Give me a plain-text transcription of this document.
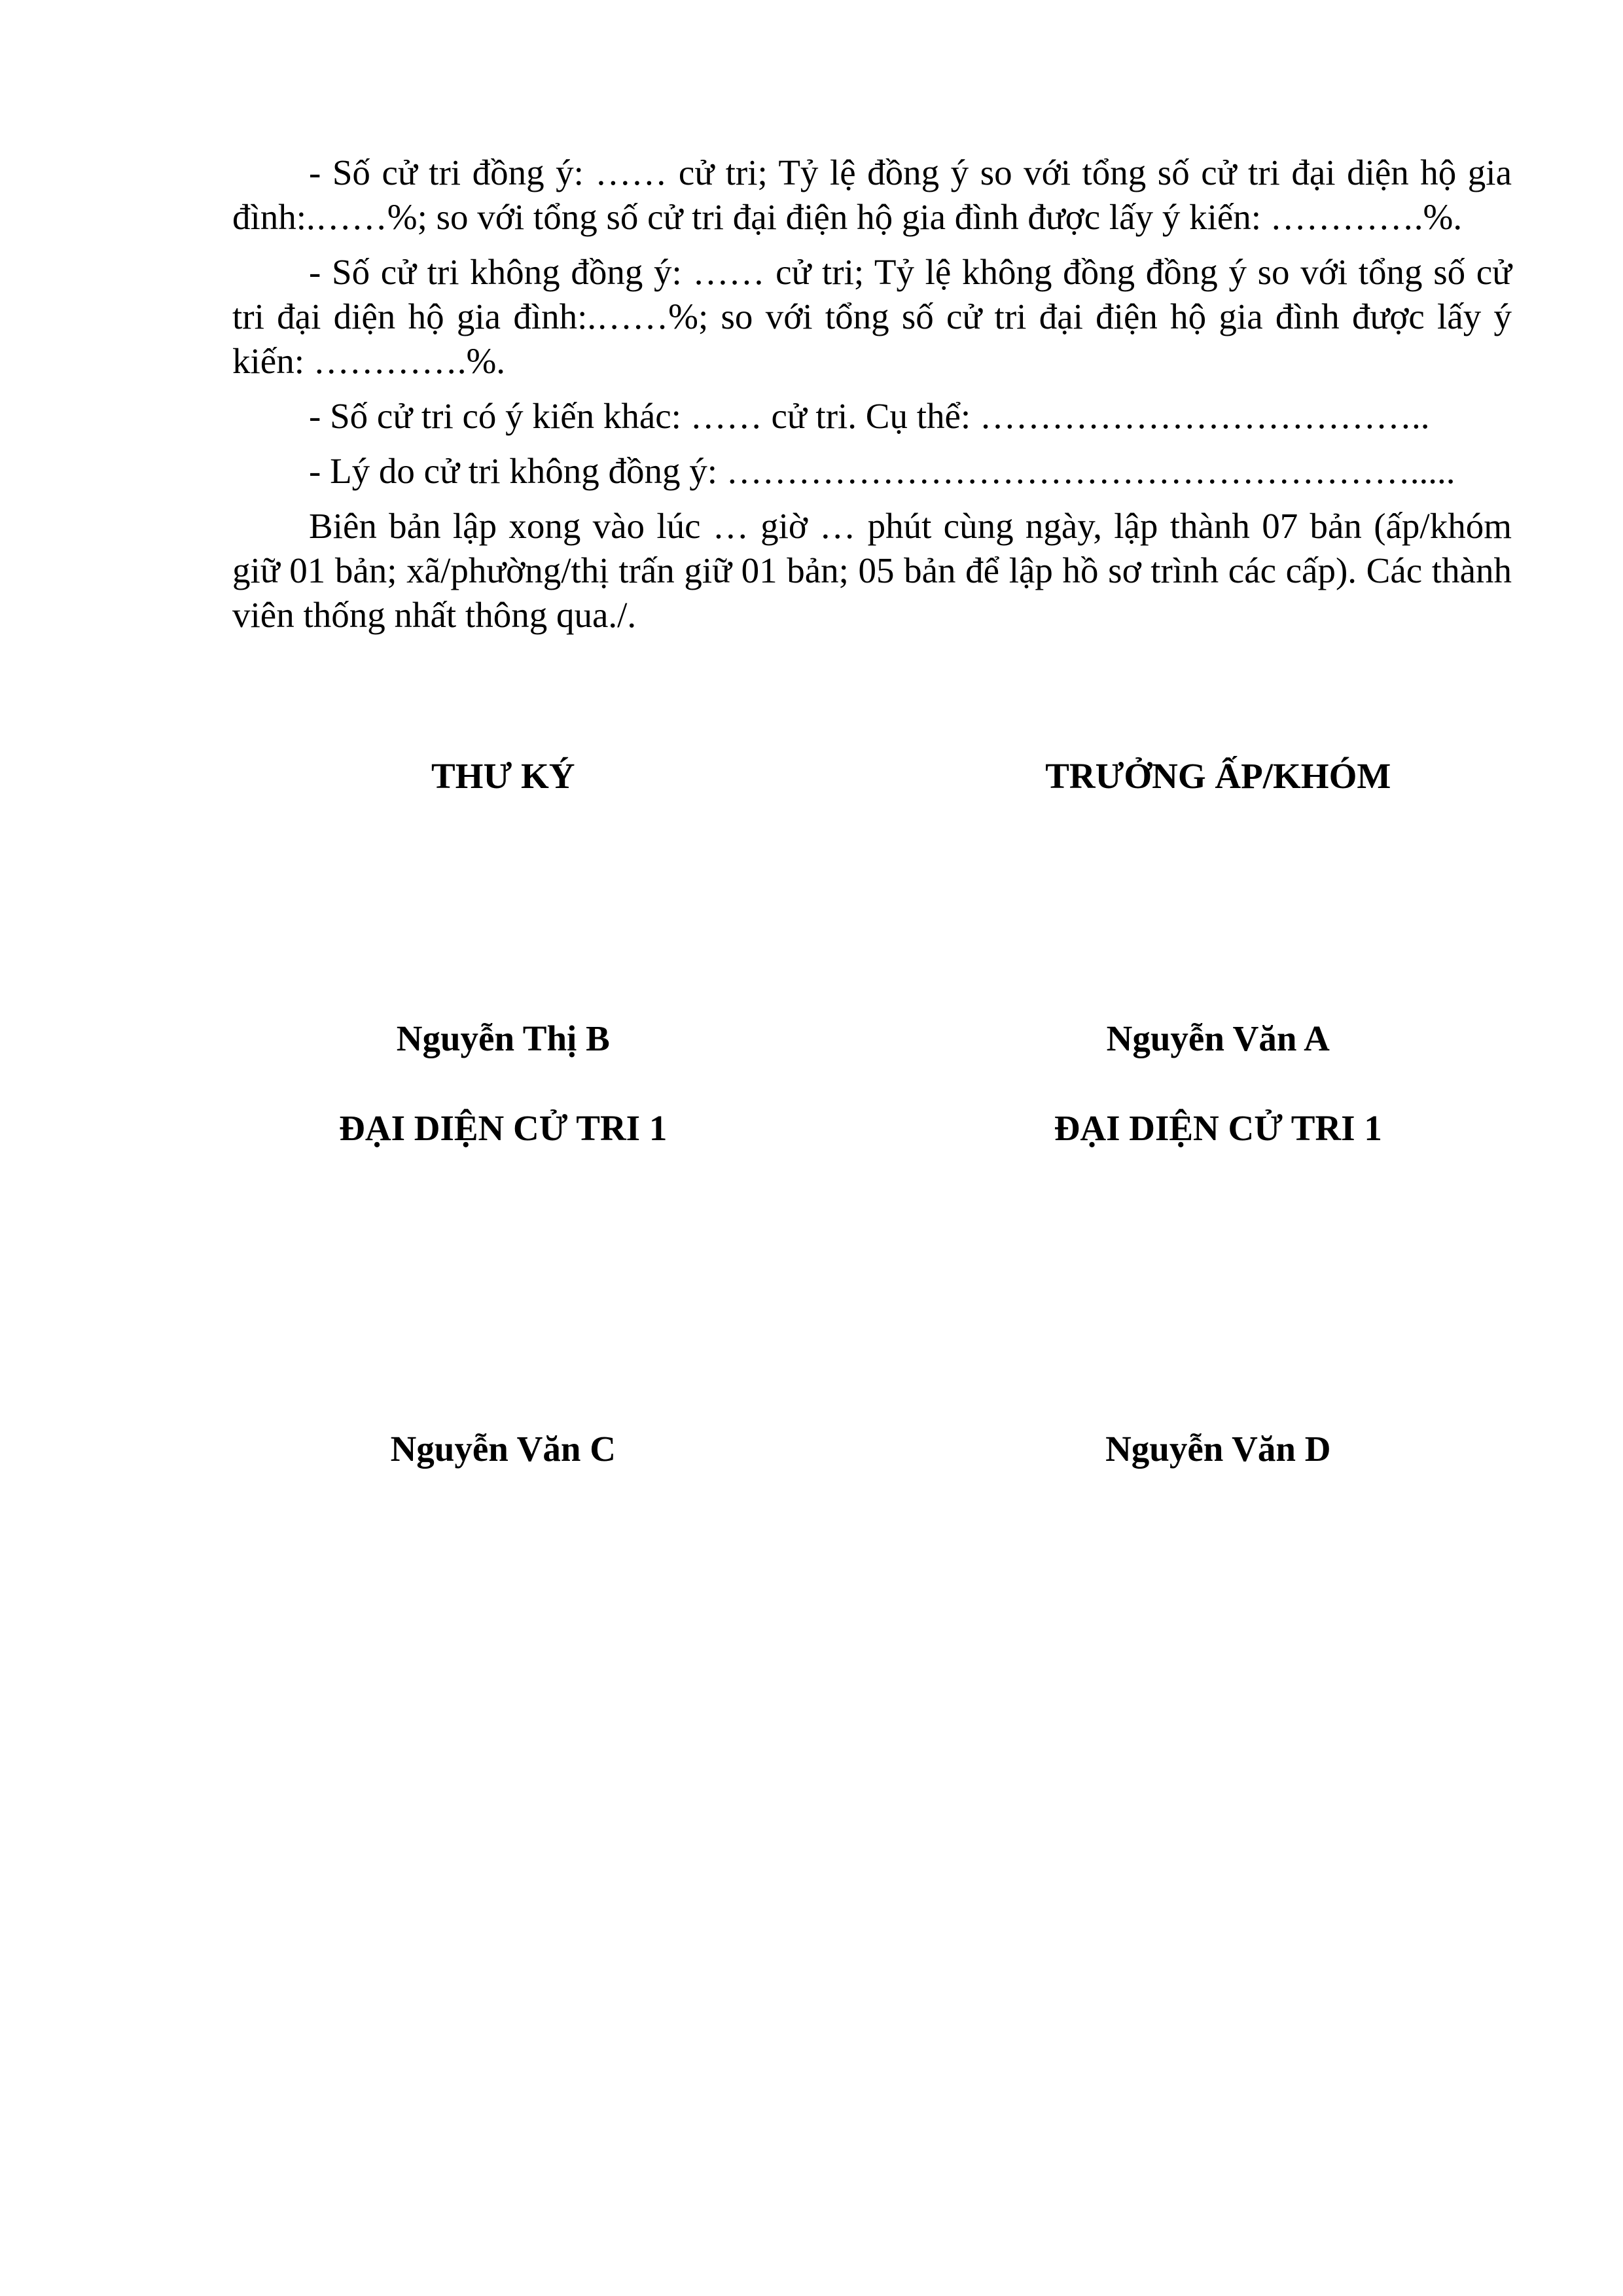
- Số cử tri đồng ý: …… cử tri; Tỷ lệ đồng ý so với tổng số cử tri đại diện hộ gia đình:.……%; so với tổng số cử tri đại điện hộ gia đình được lấy ý kiến: ………….%.

- Số cử tri không đồng ý: …… cử tri; Tỷ lệ không đồng đồng ý so với tổng số cử tri đại diện hộ gia đình:.……%; so với tổng số cử tri đại điện hộ gia đình được lấy ý kiến: ………….%.

- Số cử tri có ý kiến khác: …… cử tri. Cụ thể: ………………………………..

- Lý do cử tri không đồng ý: ………………………………………………….....

Biên bản lập xong vào lúc … giờ … phút cùng ngày, lập thành 07 bản (ấp/khóm giữ 01 bản; xã/phường/thị trấn giữ 01 bản; 05 bản để lập hồ sơ trình các cấp). Các thành viên thống nhất thông qua./.

THƯ KÝ	TRƯỞNG ẤP/KHÓM
Nguyễn Thị B	Nguyễn Văn A
ĐẠI DIỆN CỬ TRI 1	ĐẠI DIỆN CỬ TRI 1
Nguyễn Văn C	Nguyễn Văn D
